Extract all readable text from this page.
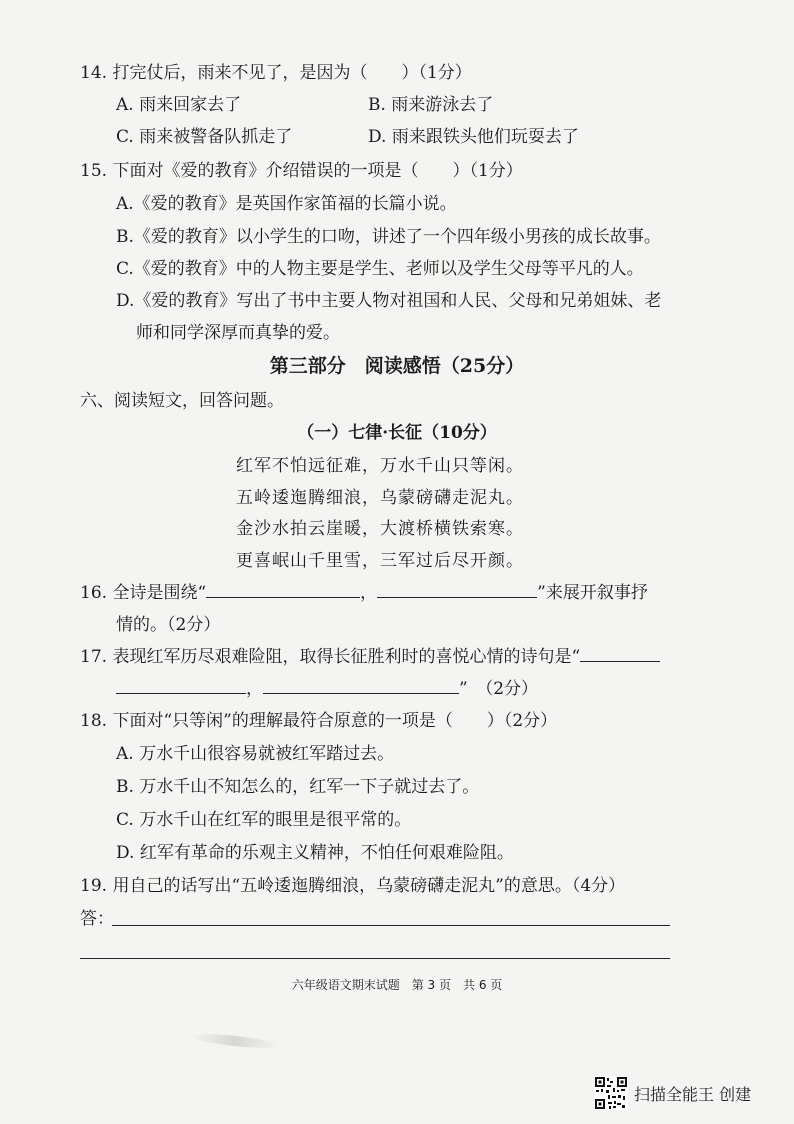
14. 打完仗后，雨来不见了，是因为（　　）（1分）
A. 雨来回家去了	B. 雨来游泳去了
C. 雨来被警备队抓走了	D. 雨来跟铁头他们玩耍去了
15. 下面对《爱的教育》介绍错误的一项是（　　）（1分）
A.《爱的教育》是英国作家笛福的长篇小说。
B.《爱的教育》以小学生的口吻，讲述了一个四年级小男孩的成长故事。
C.《爱的教育》中的人物主要是学生、老师以及学生父母等平凡的人。
D.《爱的教育》写出了书中主要人物对祖国和人民、父母和兄弟姐妹、老
师和同学深厚而真挚的爱。
第三部分　阅读感悟（25分）
六、阅读短文，回答问题。
（一）七律·长征（10分）
红军不怕远征难，万水千山只等闲。
五岭逶迤腾细浪，乌蒙磅礴走泥丸。
金沙水拍云崖暖，大渡桥横铁索寒。
更喜岷山千里雪，三军过后尽开颜。
16. 全诗是围绕“	，	”来展开叙事抒
情的。（2分）
17. 表现红军历尽艰难险阻，取得长征胜利时的喜悦心情的诗句是“
，	”　（2分）
18. 下面对“只等闲”的理解最符合原意的一项是（　　）（2分）
A. 万水千山很容易就被红军踏过去。
B. 万水千山不知怎么的，红军一下子就过去了。
C. 万水千山在红军的眼里是很平常的。
D. 红军有革命的乐观主义精神，不怕任何艰难险阻。
19. 用自己的话写出“五岭逶迤腾细浪，乌蒙磅礴走泥丸”的意思。（4分）
答：
六年级语文期末试题　第 3 页　共 6 页
扫描全能王 创建
